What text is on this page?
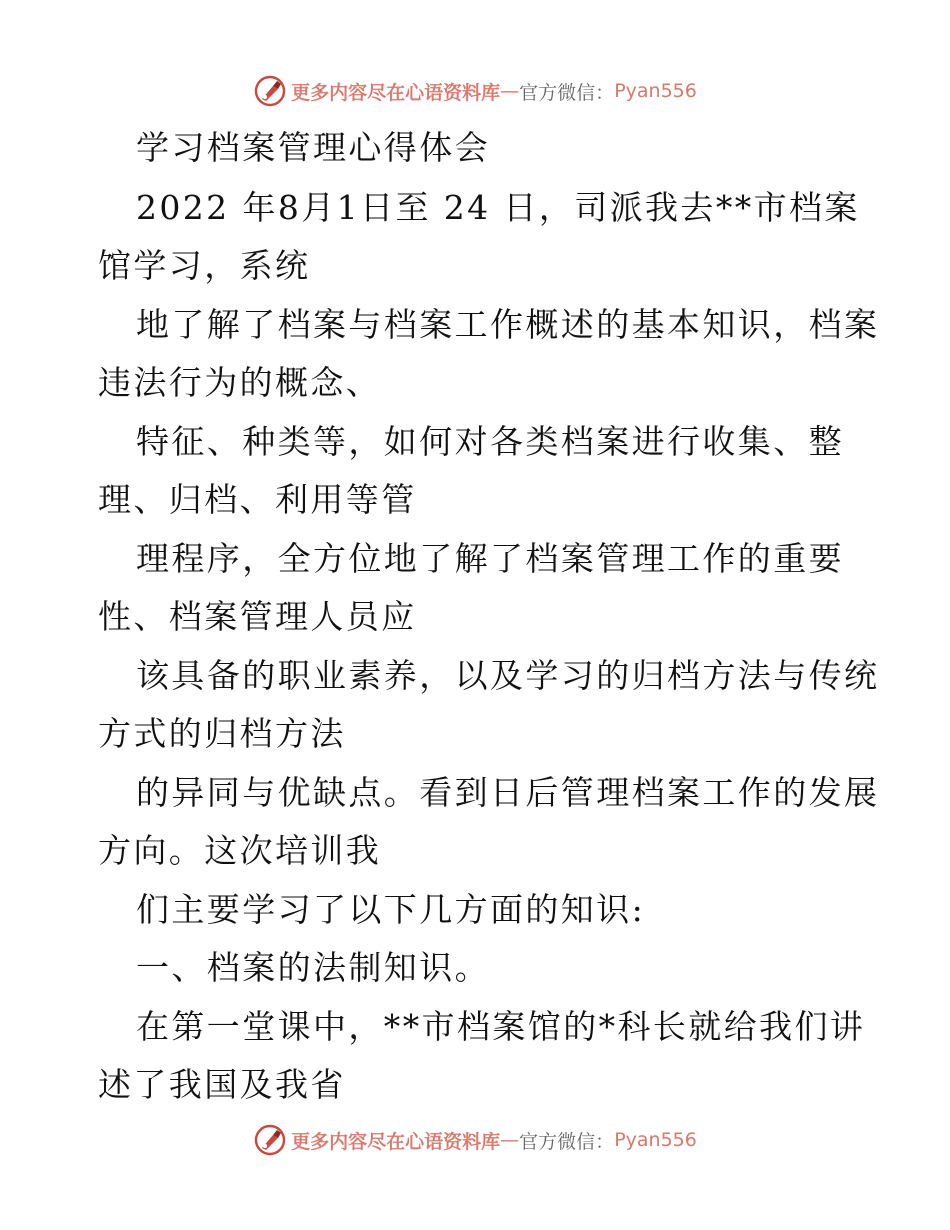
更多内容尽在心语资料库 — 官方微信： Pyan556
学习档案管理心得体会
2022 年8月1日至 24 日，司派我去**市档案
馆学习，系统
地了解了档案与档案工作概述的基本知识，档案
违法行为的概念、
特征、种类等，如何对各类档案进行收集、整
理、归档、利用等管
理程序，全方位地了解了档案管理工作的重要
性、档案管理人员应
该具备的职业素养，以及学习的归档方法与传统
方式的归档方法
的异同与优缺点。看到日后管理档案工作的发展
方向。这次培训我
们主要学习了以下几方面的知识:
一、档案的法制知识。
在第一堂课中，**市档案馆的*科长就给我们讲
述了我国及我省
更多内容尽在心语资料库 — 官方微信： Pyan556
